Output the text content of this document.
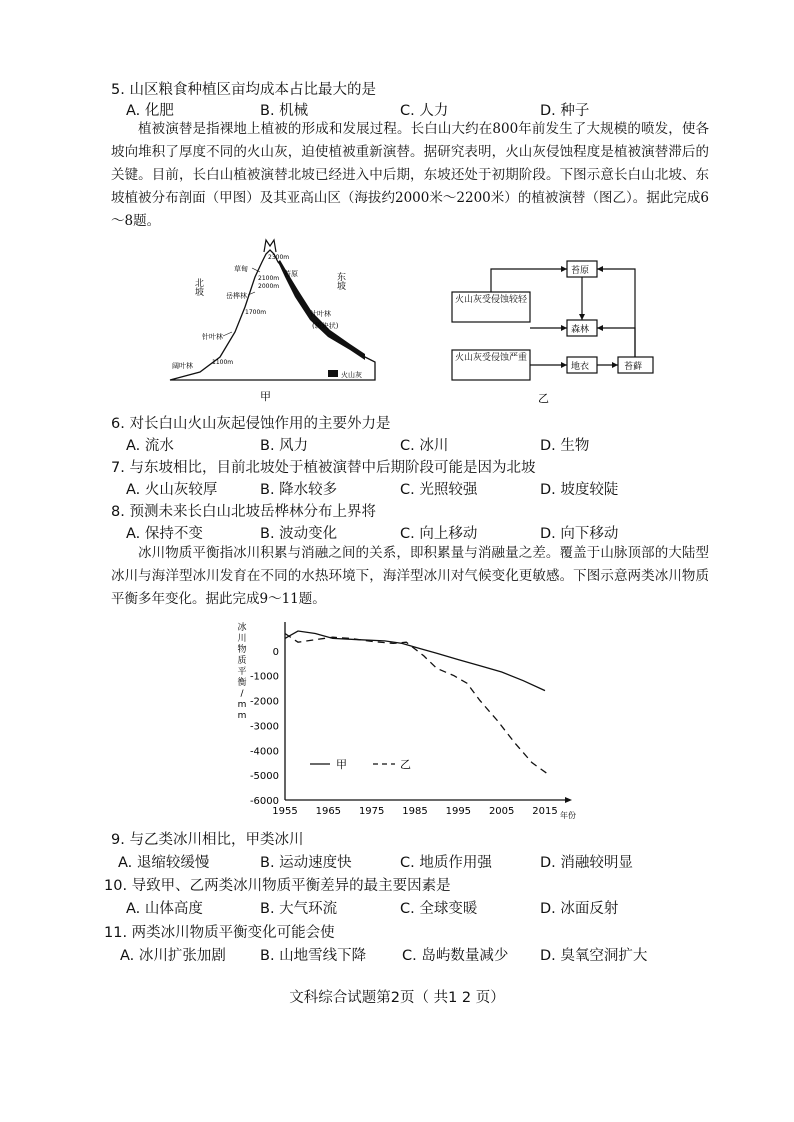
5. 山区粮食种植区亩均成本占比最大的是
A. 化肥	B. 机械	C. 人力	D. 种子

植被演替是指裸地上植被的形成和发展过程。长白山大约在800年前发生了大规模的喷发，使各坡向堆积了厚度不同的火山灰，迫使植被重新演替。据研究表明，火山灰侵蚀程度是植被演替滞后的关键。目前，长白山植被演替北坡已经进入中后期，东坡还处于初期阶段。下图示意长白山北坡、东坡植被分布剖面（甲图）及其亚高山区（海拔约2000米～2200米）的植被演替（图乙）。据此完成6～8题。

火山灰
北坡	东坡
2300m
2100m
2000m
1700m
1100m
草甸
苔原
岳桦林
针叶林
阔叶林
针叶林
(斑块状)
甲
苔原
森林
地衣	苔藓
火山灰受侵蚀较轻
火山灰受侵蚀严重
乙
6. 对长白山火山灰起侵蚀作用的主要外力是
A. 流水	B. 风力	C. 冰川	D. 生物
7. 与东坡相比，目前北坡处于植被演替中后期阶段可能是因为北坡
A. 火山灰较厚	B. 降水较多	C. 光照较强	D. 坡度较陡
8. 预测未来长白山北坡岳桦林分布上界将
A. 保持不变	B. 波动变化	C. 向上移动	D. 向下移动

冰川物质平衡指冰川积累与消融之间的关系，即积累量与消融量之差。覆盖于山脉顶部的大陆型冰川与海洋型冰川发育在不同的水热环境下，海洋型冰川对气候变化更敏感。下图示意两类冰川物质平衡多年变化。据此完成9～11题。

冰
川
物
质
平
衡
/
m
m
0
-1000
-2000
-3000
-4000
-5000
-6000
1955 1965 1975 1985 1995 2005 2015
甲	乙
年份
9. 与乙类冰川相比，甲类冰川
A. 退缩较缓慢	B. 运动速度快	C. 地质作用强	D. 消融较明显
10. 导致甲、乙两类冰川物质平衡差异的最主要因素是
A. 山体高度	B. 大气环流	C. 全球变暖	D. 冰面反射
11. 两类冰川物质平衡变化可能会使
A. 冰川扩张加剧 B. 山地雪线下降 C. 岛屿数量减少 D. 臭氧空洞扩大
文科综合试题第2页（ 共1 2 页）
